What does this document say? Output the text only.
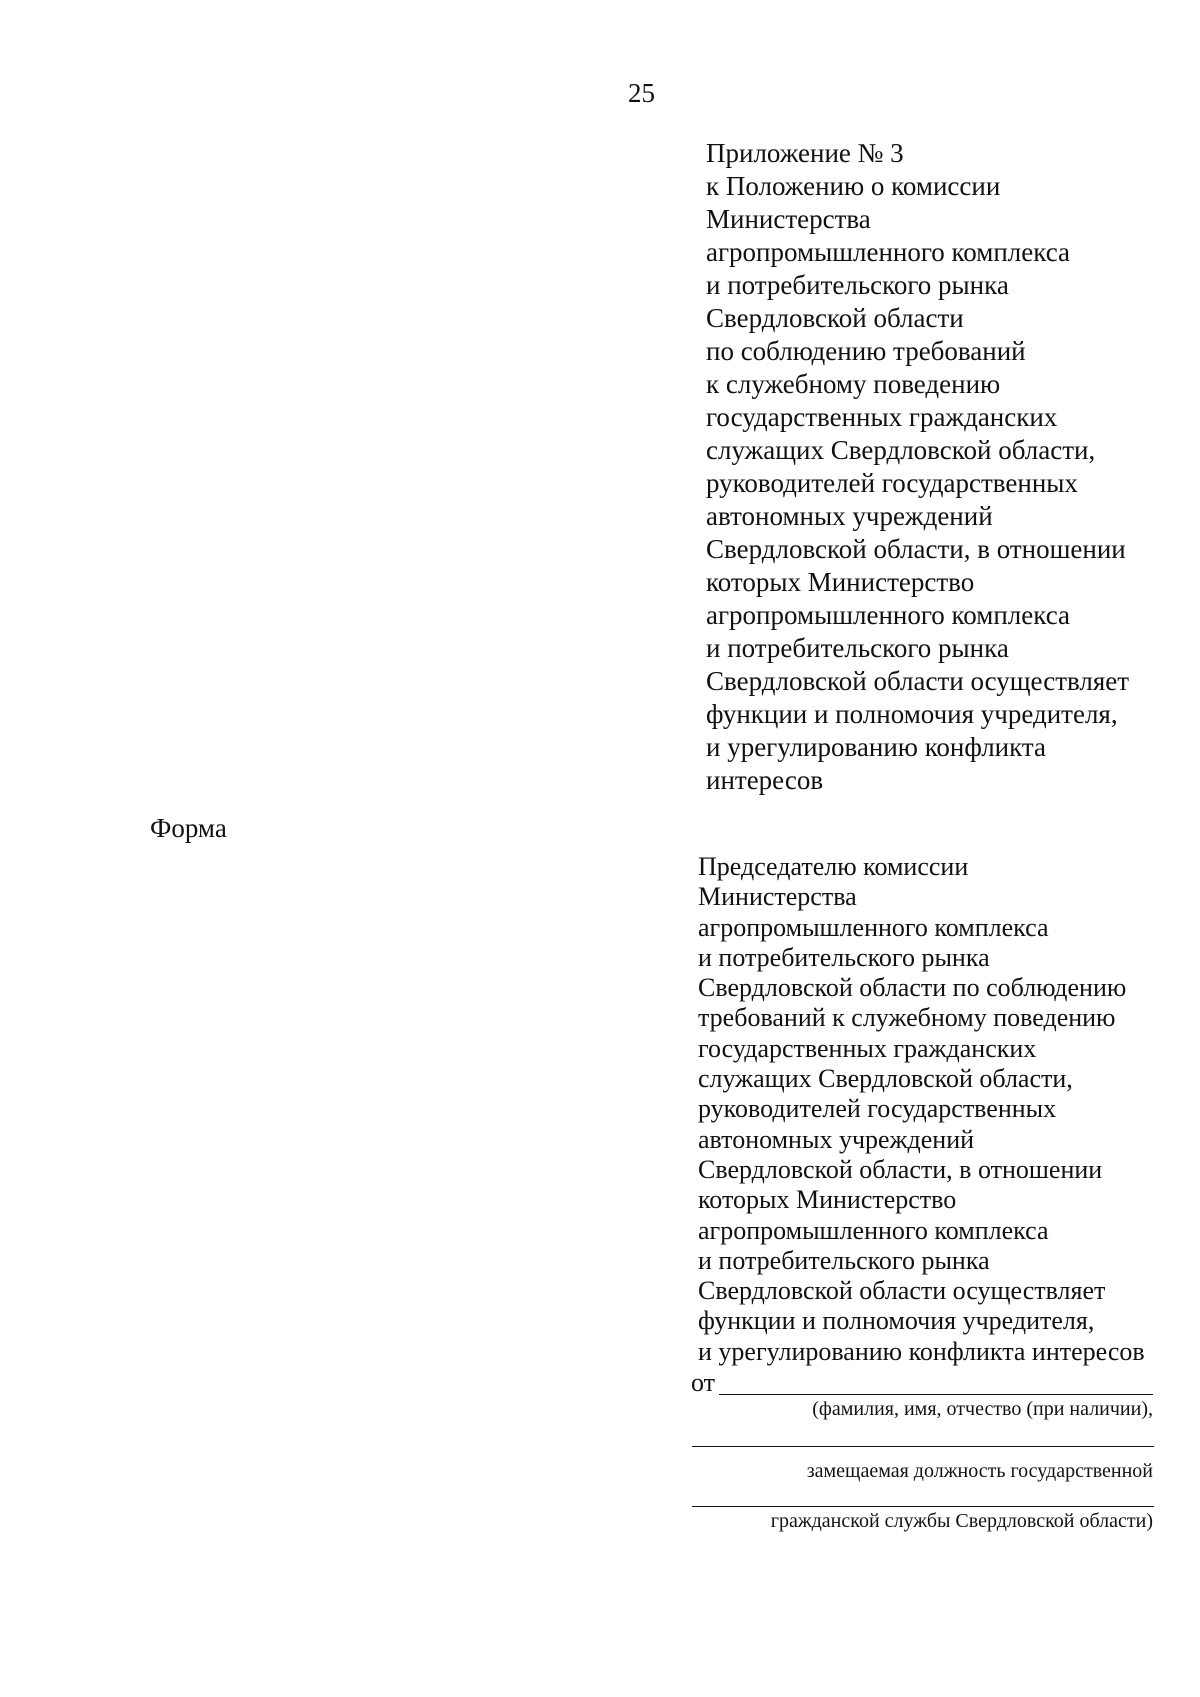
25
Приложение № 3
к Положению о комиссии
Министерства
агропромышленного комплекса
и потребительского рынка
Свердловской области
по соблюдению требований
к служебному поведению
государственных гражданских
служащих Свердловской области,
руководителей государственных
автономных учреждений
Свердловской области, в отношении
которых Министерство
агропромышленного комплекса
и потребительского рынка
Свердловской области осуществляет
функции и полномочия учредителя,
и урегулированию конфликта
интересов
Форма
Председателю комиссии
Министерства
агропромышленного комплекса
и потребительского рынка
Свердловской области по соблюдению
требований к служебному поведению
государственных гражданских
служащих Свердловской области,
руководителей государственных
автономных учреждений
Свердловской области, в отношении
которых Министерство
агропромышленного комплекса
и потребительского рынка
Свердловской области осуществляет
функции и полномочия учредителя,
и урегулированию конфликта интересов
от
(фамилия, имя, отчество (при наличии),
замещаемая должность государственной
гражданской службы Свердловской области)
